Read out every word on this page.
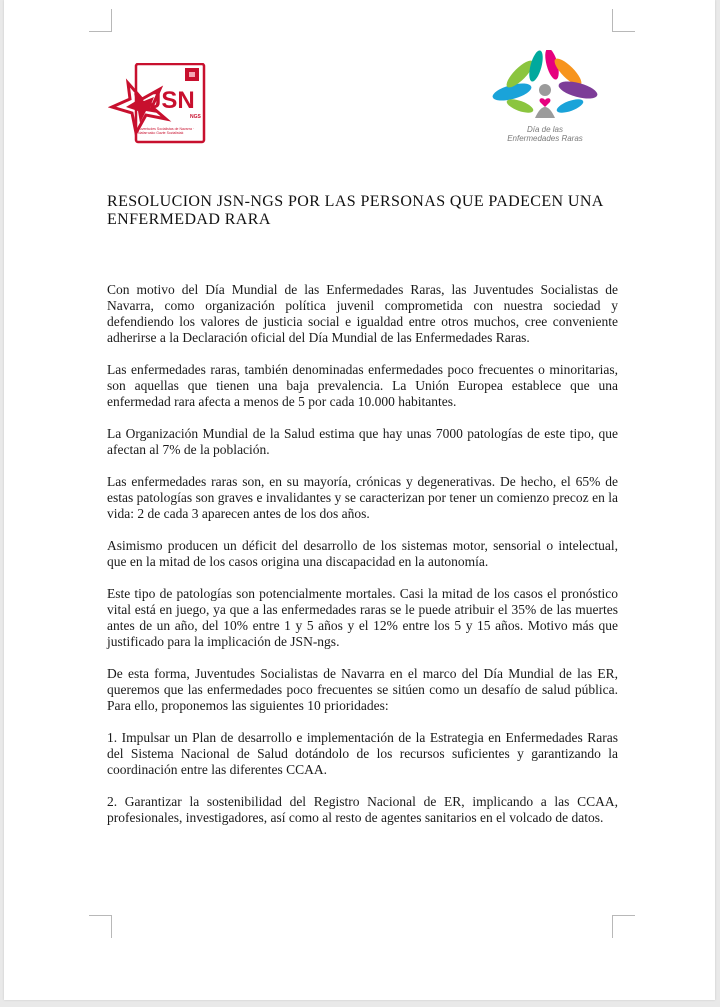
JSN
NGS
Juventudes Socialistas de Navarra · Nafarroako Gazte Sozialistak	Día de las
Enfermedades Raras
RESOLUCION JSN-NGS POR LAS PERSONAS QUE PADECEN UNA ENFERMEDAD RARA

Con motivo del Día Mundial de las Enfermedades Raras, las Juventudes Socialistas de Navarra, como organización política juvenil comprometida con nuestra sociedad y defendiendo los valores de justicia social e igualdad entre otros muchos, cree conveniente adherirse a la Declaración oficial del Día Mundial de las Enfermedades Raras.

Las enfermedades raras, también denominadas enfermedades poco frecuentes o minoritarias, son aquellas que tienen una baja prevalencia. La Unión Europea establece que una enfermedad rara afecta a menos de 5 por cada 10.000 habitantes.

La Organización Mundial de la Salud estima que hay unas 7000 patologías de este tipo, que afectan al 7% de la población.

Las enfermedades raras son, en su mayoría, crónicas y degenerativas. De hecho, el 65% de estas patologías son graves e invalidantes y se caracterizan por tener un comienzo precoz en la vida: 2 de cada 3 aparecen antes de los dos años.

Asimismo producen un déficit del desarrollo de los sistemas motor, sensorial o intelectual, que en la mitad de los casos origina una discapacidad en la autonomía.

Este tipo de patologías son potencialmente mortales. Casi la mitad de los casos el pronóstico vital está en juego, ya que a las enfermedades raras se le puede atribuir el 35% de las muertes antes de un año, del 10% entre 1 y 5 años y el 12% entre los 5 y 15 años. Motivo más que justificado para la implicación de JSN-ngs.

De esta forma, Juventudes Socialistas de Navarra en el marco del Día Mundial de las ER, queremos que las enfermedades poco frecuentes se sitúen como un desafío de salud pública. Para ello, proponemos las siguientes 10 prioridades:

1. Impulsar un Plan de desarrollo e implementación de la Estrategia en Enfermedades Raras del Sistema Nacional de Salud dotándolo de los recursos suficientes y garantizando la coordinación entre las diferentes CCAA.

2. Garantizar la sostenibilidad del Registro Nacional de ER, implicando a las CCAA, profesionales, investigadores, así como al resto de agentes sanitarios en el volcado de datos.
